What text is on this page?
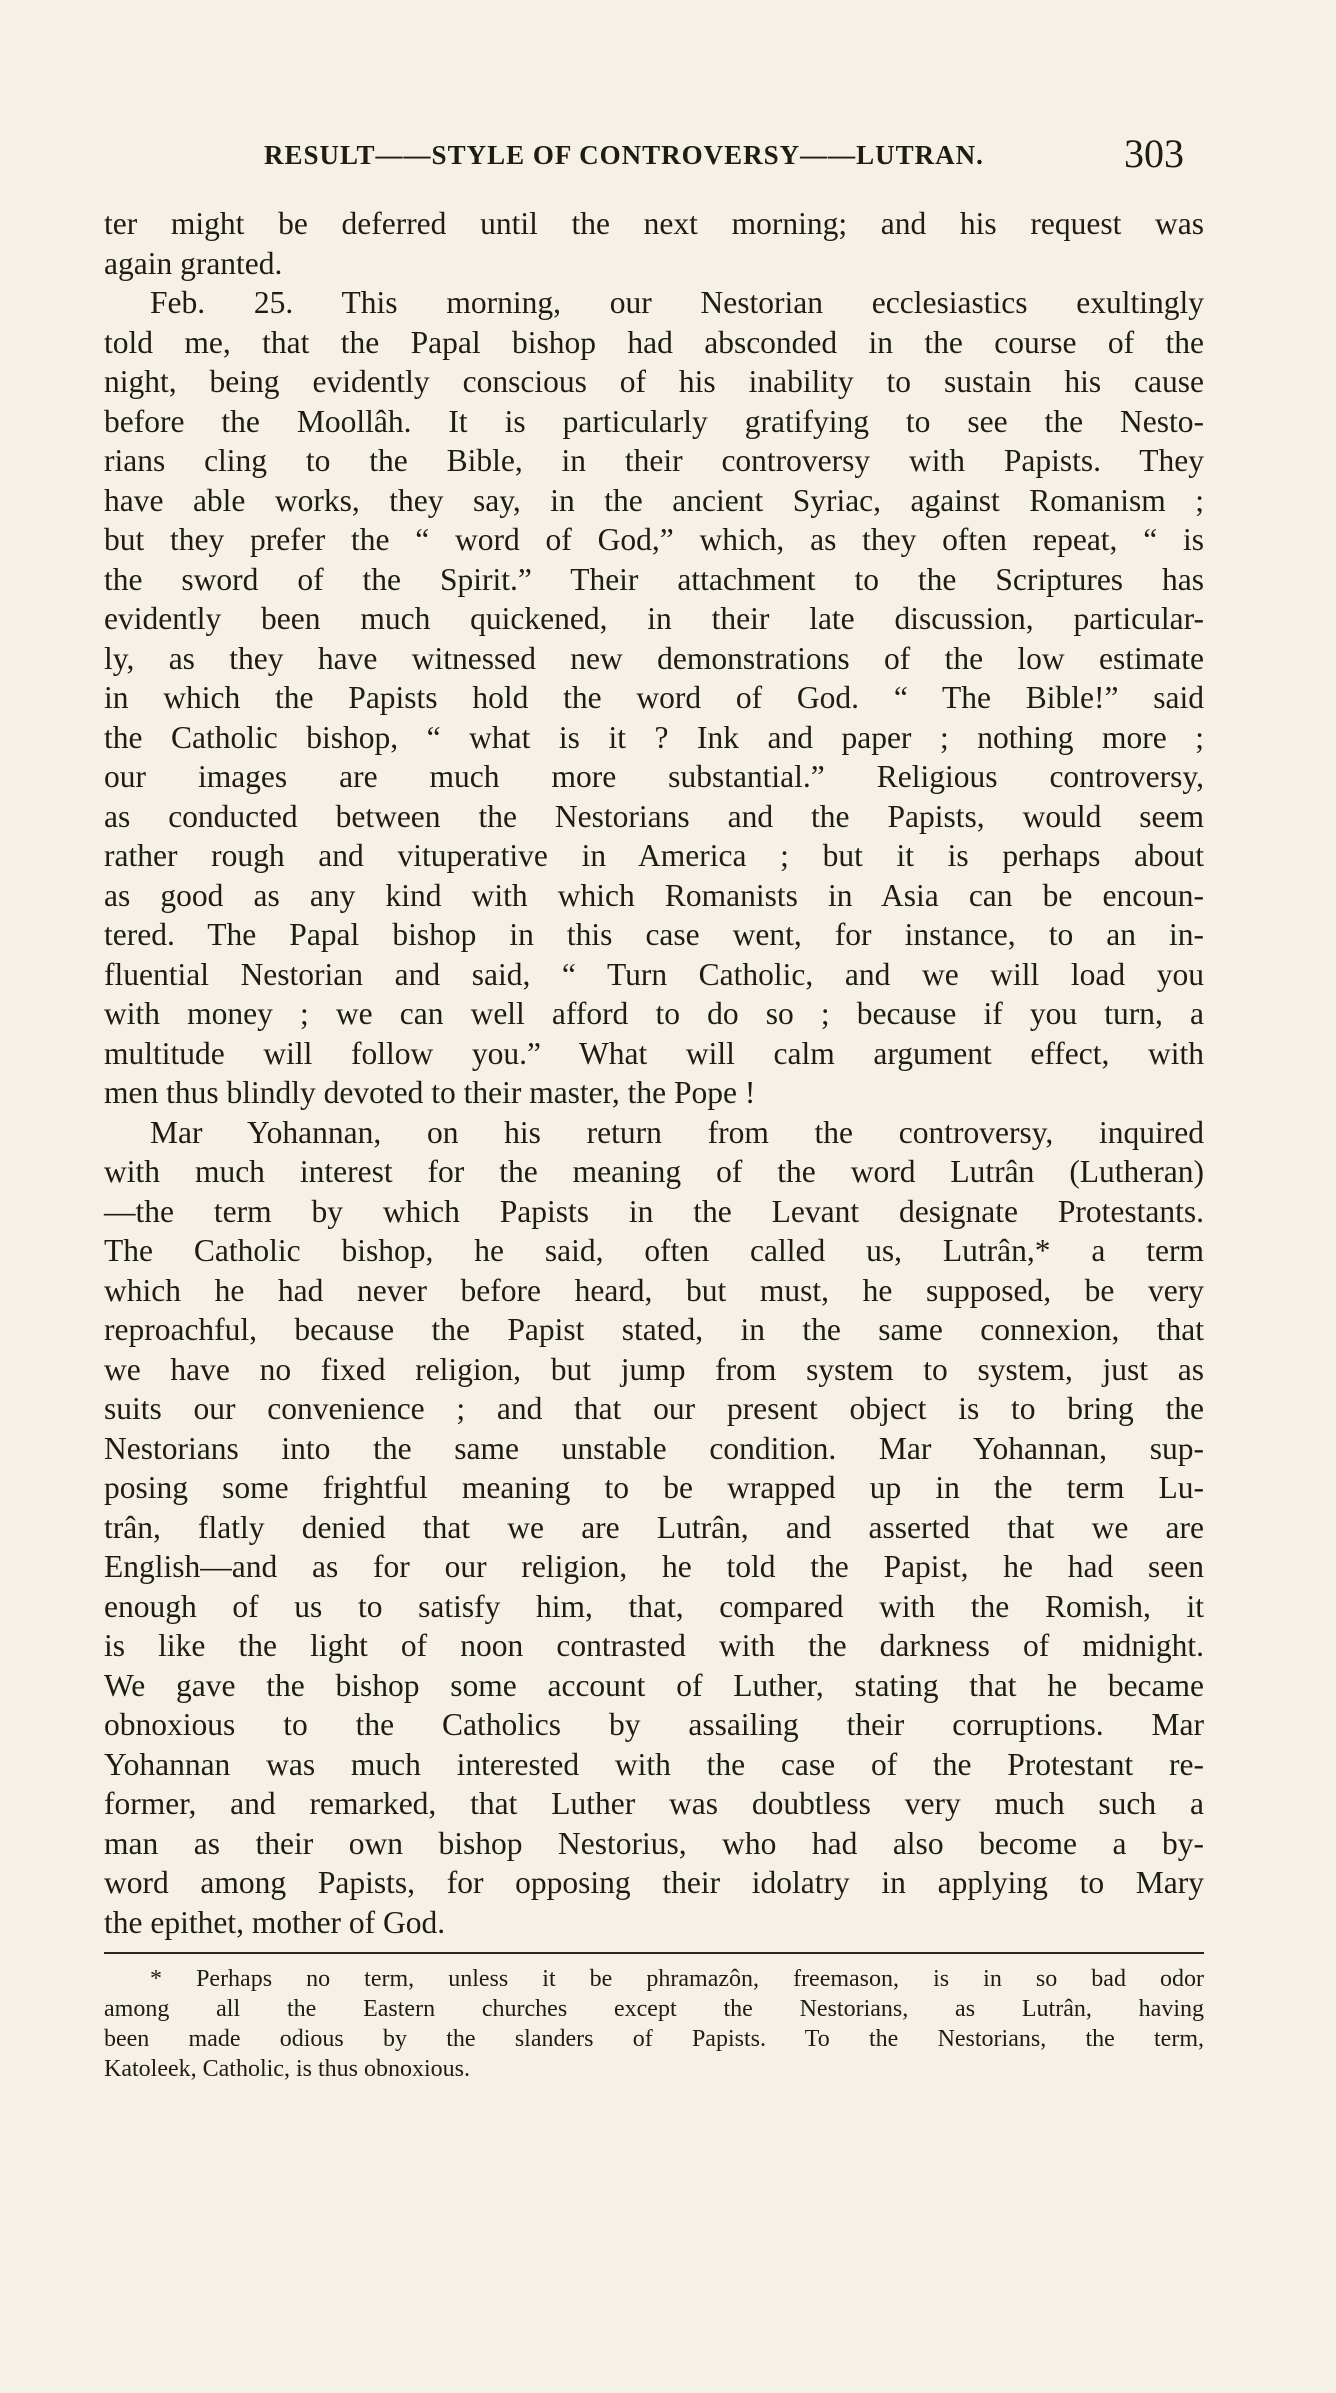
RESULT——STYLE OF CONTROVERSY——LUTRAN.	303
ter might be deferred until the next morning; and his request was
again granted.
Feb. 25. This morning, our Nestorian ecclesiastics exultingly
told me, that the Papal bishop had absconded in the course of the
night, being evidently conscious of his inability to sustain his cause
before the Moollâh. It is particularly gratifying to see the Nesto-
rians cling to the Bible, in their controversy with Papists. They
have able works, they say, in the ancient Syriac, against Romanism ;
but they prefer the “ word of God,” which, as they often repeat, “ is
the sword of the Spirit.” Their attachment to the Scriptures has
evidently been much quickened, in their late discussion, particular-
ly, as they have witnessed new demonstrations of the low estimate
in which the Papists hold the word of God. “ The Bible!” said
the Catholic bishop, “ what is it ? Ink and paper ; nothing more ;
our images are much more substantial.” Religious controversy,
as conducted between the Nestorians and the Papists, would seem
rather rough and vituperative in America ; but it is perhaps about
as good as any kind with which Romanists in Asia can be encoun-
tered. The Papal bishop in this case went, for instance, to an in-
fluential Nestorian and said, “ Turn Catholic, and we will load you
with money ; we can well afford to do so ; because if you turn, a
multitude will follow you.” What will calm argument effect, with
men thus blindly devoted to their master, the Pope !
Mar Yohannan, on his return from the controversy, inquired
with much interest for the meaning of the word Lutrân (Lutheran)
—the term by which Papists in the Levant designate Protestants.
The Catholic bishop, he said, often called us, Lutrân,* a term
which he had never before heard, but must, he supposed, be very
reproachful, because the Papist stated, in the same connexion, that
we have no fixed religion, but jump from system to system, just as
suits our convenience ; and that our present object is to bring the
Nestorians into the same unstable condition. Mar Yohannan, sup-
posing some frightful meaning to be wrapped up in the term Lu-
trân, flatly denied that we are Lutrân, and asserted that we are
English—and as for our religion, he told the Papist, he had seen
enough of us to satisfy him, that, compared with the Romish, it
is like the light of noon contrasted with the darkness of midnight.
We gave the bishop some account of Luther, stating that he became
obnoxious to the Catholics by assailing their corruptions. Mar
Yohannan was much interested with the case of the Protestant re-
former, and remarked, that Luther was doubtless very much such a
man as their own bishop Nestorius, who had also become a by-
word among Papists, for opposing their idolatry in applying to Mary
the epithet, mother of God.
* Perhaps no term, unless it be phramazôn, freemason, is in so bad odor
among all the Eastern churches except the Nestorians, as Lutrân, having
been made odious by the slanders of Papists. To the Nestorians, the term,
Katoleek, Catholic, is thus obnoxious.
